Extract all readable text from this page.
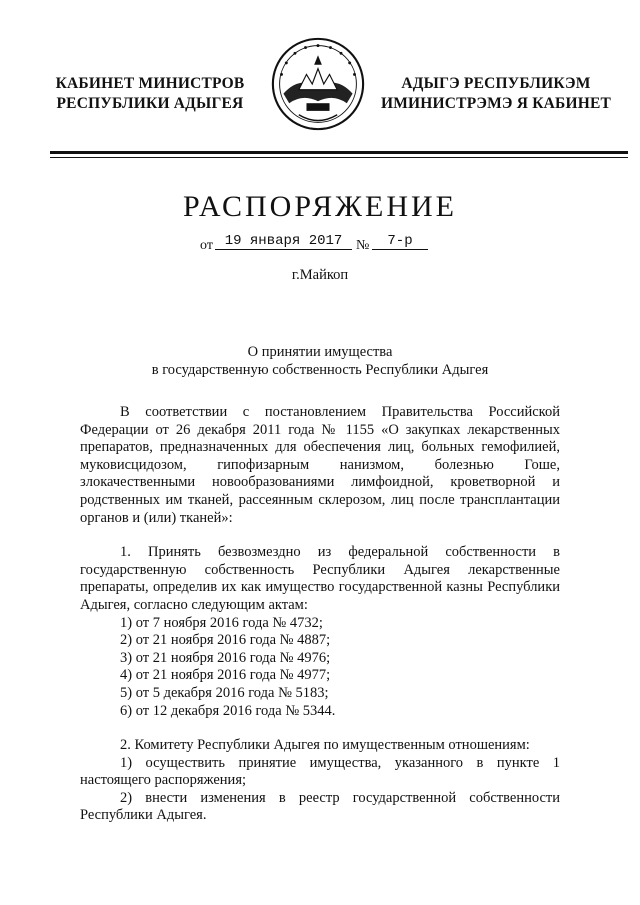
КАБИНЕТ МИНИСТРОВ
РЕСПУБЛИКИ АДЫГЕЯ
АДЫГЭ РЕСПУБЛИКЭМ
ИМИНИСТРЭМЭ Я КАБИНЕТ
РАСПОРЯЖЕНИЕ
от 19 января 2017 №	7-р
г.Майкоп
О принятии имущества
в государственную собственность Республики Адыгея

В соответствии с постановлением Правительства Российской Федерации от 26 декабря 2011 года № 1155 «О закупках лекарственных препаратов, предназначенных для обеспечения лиц, больных гемофилией, муковисцидозом, гипофизарным нанизмом, болезнью Гоше, злокачественными новообразованиями лимфоидной, кроветворной и родственных им тканей, рассеянным склерозом, лиц после трансплантации органов и (или) тканей»:

1. Принять безвозмездно из федеральной собственности в государственную собственность Республики Адыгея лекарственные препараты, определив их как имущество государственной казны Республики Адыгея, согласно следующим актам:

1) от 7 ноября 2016 года № 4732;
2) от 21 ноября 2016 года № 4887;
3) от 21 ноября 2016 года № 4976;
4) от 21 ноября 2016 года № 4977;
5) от 5 декабря 2016 года № 5183;
6) от 12 декабря 2016 года № 5344.

2. Комитету Республики Адыгея по имущественным отношениям:

1) осуществить принятие имущества, указанного в пункте 1 настоящего распоряжения;

2) внести изменения в реестр государственной собственности Республики Адыгея.
